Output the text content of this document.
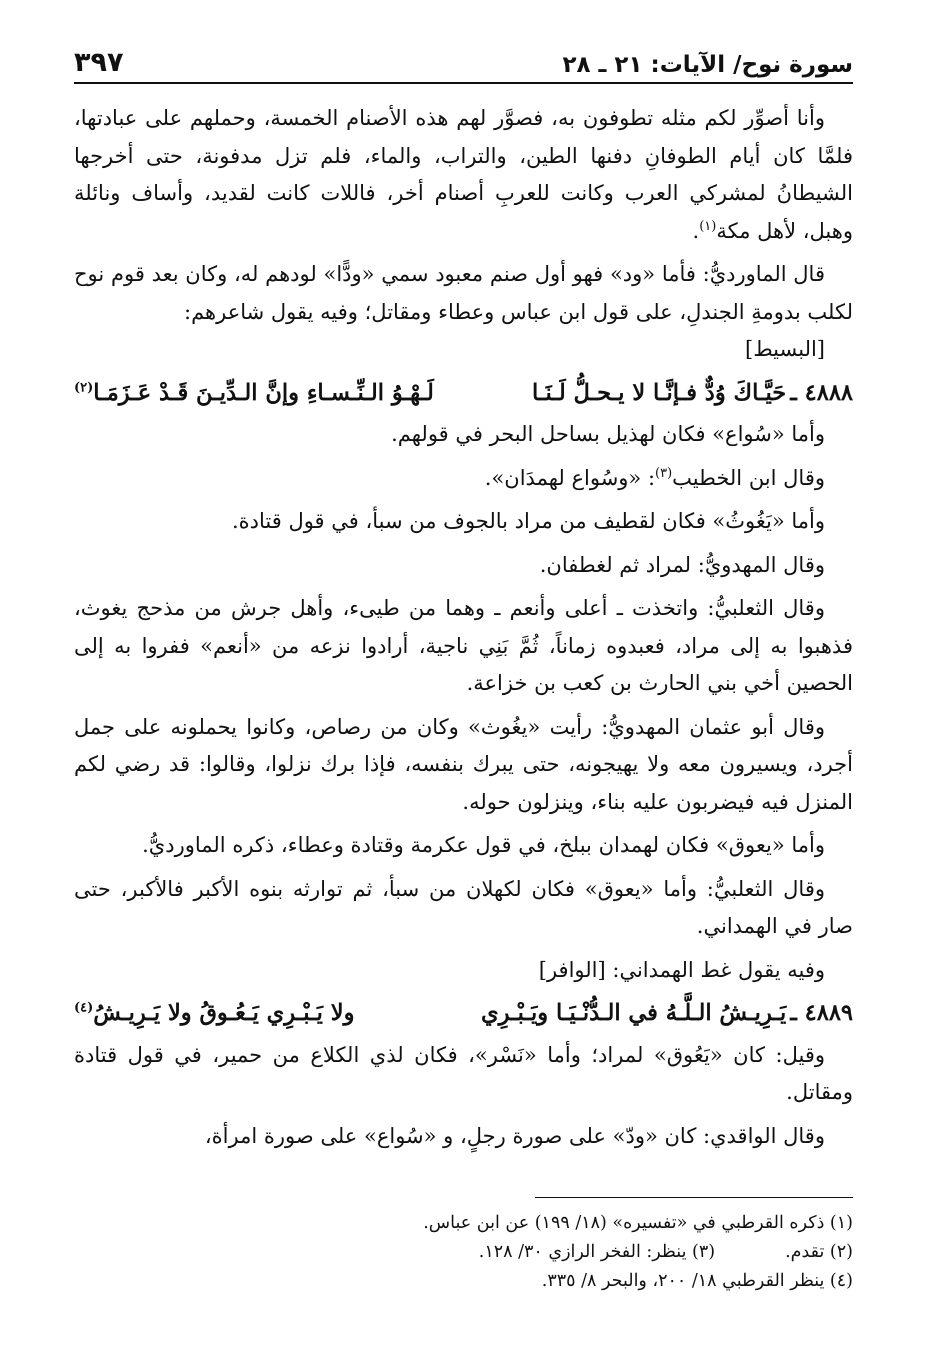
سورة نوح/ الآيات: ٢١ ـ ٢٨
٣٩٧

وأنا أصوِّر لكم مثله تطوفون به، فصوَّر لهم هذه الأصنام الخمسة، وحملهم على عبادتها، فلمَّا كان أيام الطوفانِ دفنها الطين، والتراب، والماء، فلم تزل مدفونة، حتى أخرجها الشيطانُ لمشركي العرب وكانت للعربِ أصنام أخر، فاللات كانت لقديد، وأساف ونائلة وهبل، لأهل مكة$^{(١)}$.

قال الماورديُّ: فأما «ود» فهو أول صنم معبود سمي «ودًّا» لودهم له، وكان بعد قوم نوح لكلب بدومةِ الجندلِ، على قول ابن عباس وعطاء ومقاتل؛ وفيه يقول شاعرهم:
[البسيط]

٤٨٨٨ ـ
حَيَّـاكَ وُدٌّ فـإنَّـا لا يـحـلُّ لَـنَـا
لَـهْـوُ الـنِّـسـاءِ وإنَّ الـدِّيـنَ قَـدْ عَـزَمَـا$^{(٢)}$

وأما «سُواع» فكان لهذيل بساحل البحر في قولهم.

وقال ابن الخطيب$^{(٣)}$: «وسُواع لهمدَان».

وأما «يَغُوثُ» فكان لقطيف من مراد بالجوف من سبأ، في قول قتادة.

وقال المهدويُّ: لمراد ثم لغطفان.

وقال الثعلبيُّ: واتخذت ـ أعلى وأنعم ـ وهما من طيىء، وأهل جرش من مذحج يغوث، فذهبوا به إلى مراد، فعبدوه زماناً، ثُمَّ بَنِي ناجية، أرادوا نزعه من «أنعم» ففروا به إلى الحصين أخي بني الحارث بن كعب بن خزاعة.

وقال أبو عثمان المهدويُّ: رأيت «يغُوث» وكان من رصاص، وكانوا يحملونه على جمل أجرد، ويسيرون معه ولا يهيجونه، حتى يبرك بنفسه، فإذا برك نزلوا، وقالوا: قد رضي لكم المنزل فيه فيضربون عليه بناء، وينزلون حوله.

وأما «يعوق» فكان لهمدان ببلخ، في قول عكرمة وقتادة وعطاء، ذكره الماورديُّ.

وقال الثعلبيُّ: وأما «يعوق» فكان لكهلان من سبأ، ثم توارثه بنوه الأكبر فالأكبر، حتى صار في الهمداني.

وفيه يقول غط الهمداني: [الوافر]

٤٨٨٩ ـ
يَـرِيـشُ الـلَّـهُ في الـدُّنْـيَـا ويَـبْـرِي
ولا يَـبْـرِي يَـعُـوقُ ولا يَـرِيـشُ$^{(٤)}$

وقيل: كان «يَعُوق» لمراد؛ وأما «نَسْر»، فكان لذي الكلاع من حمير، في قول قتادة ومقاتل.

وقال الواقدي: كان «ودّ» على صورة رجلٍ، و «سُواع» على صورة امرأة،

(١) ذكره القرطبي في «تفسيره» (١٨/ ١٩٩) عن ابن عباس.
(٢) تقدم.
(٣) ينظر: الفخر الرازي ٣٠/ ١٢٨.
(٤) ينظر القرطبي ١٨/ ٢٠٠، والبحر ٨/ ٣٣٥.
